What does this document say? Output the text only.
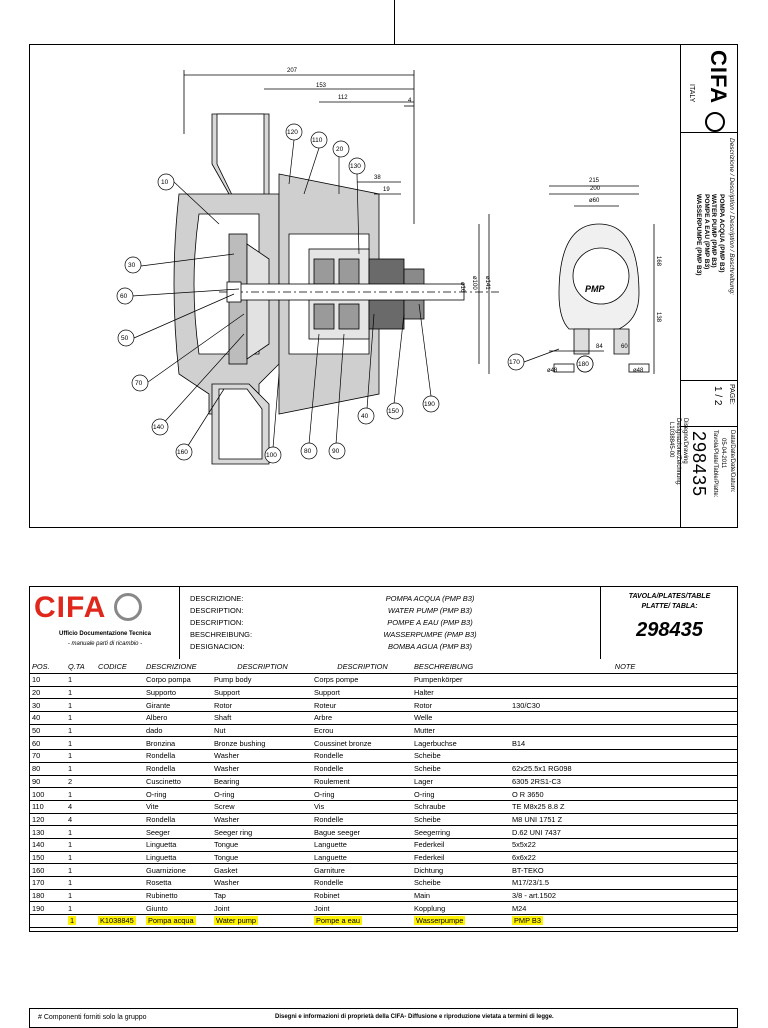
207
153
112	4
38
19
215
200
ø60
84	60
ø48	ø48
168
138
ø16 ø100 ø141	PMP
10
120
110
20
130
30
60
50
70
140
160	100
80	90
40
150
190
170	180
CIFA
ITALY
Descrizione / Description / Description / Beschreibung:
POMPA ACQUA (PMP B3)
WATER PUMP (PMP B3)
POMPE A EAU (PMP B3)
WASSERPUMPE (PMP B3)
PAGE:
1 / 2
Data/Date/Date/Datum:
05-04-2011
Tavola/Plate/Table/Platte:
298435
Disegno/Drawing
Designazione/Zeichnung:
L1038845-00
CIFA
Ufficio Documentazione Tecnica
- manuale parti di ricambio -
DESCRIZIONE:
DESCRIPTION:
DESCRIPTION:
BESCHREIBUNG:
DESIGNACION:
POMPA ACQUA (PMP B3)
WATER PUMP (PMP B3)
POMPE A EAU (PMP B3)
WASSERPUMPE (PMP B3)
BOMBA AGUA (PMP B3)
TAVOLA/PLATES/TABLE
PLATTE/ TABLA:
298435
POS.	Q.TA	CODICE	DESCRIZIONE	DESCRIPTION	DESCRIPTION	BESCHREIBUNG	NOTE
10	1		Corpo pompa	Pump body	Corps pompe	Pumpenkörper	
20	1		Supporto	Support	Support	Halter	
30	1		Girante	Rotor	Roteur	Rotor	130/C30
40	1		Albero	Shaft	Arbre	Welle	
50	1		dado	Nut	Ecrou	Mutter	
60	1		Bronzina	Bronze bushing	Coussinet bronze	Lagerbuchse	B14
70	1		Rondella	Washer	Rondelle	Scheibe	
80	1		Rondella	Washer	Rondelle	Scheibe	62x25.5x1 RG098
90	2		Cuscinetto	Bearing	Roulement	Lager	6305 2RS1-C3
100	1		O-ring	O-ring	O-ring	O-ring	O R 3650
110	4		Vite	Screw	Vis	Schraube	TE M8x25 8.8 Z
120	4		Rondella	Washer	Rondelle	Scheibe	M8 UNI 1751 Z
130	1		Seeger	Seeger ring	Bague seeger	Seegerring	D.62 UNI 7437
140	1		Linguetta	Tongue	Languette	Federkeil	5x5x22
150	1		Linguetta	Tongue	Languette	Federkeil	6x6x22
160	1		Guarnizione	Gasket	Garniture	Dichtung	BT-TEKO
170	1		Rosetta	Washer	Rondelle	Scheibe	M17/23/1.5
180	1		Rubinetto	Tap	Robinet	Main	3/8 - art.1502
190	1		Giunto	Joint	Joint	Kopplung	M24
	1	K1038845	Pompa acqua	Water pump	Pompe a eau	Wasserpumpe	PMP B3
# Componenti forniti solo la gruppo	Disegni e informazioni di proprietà della CIFA- Diffusione e riproduzione vietata a termini di legge.
